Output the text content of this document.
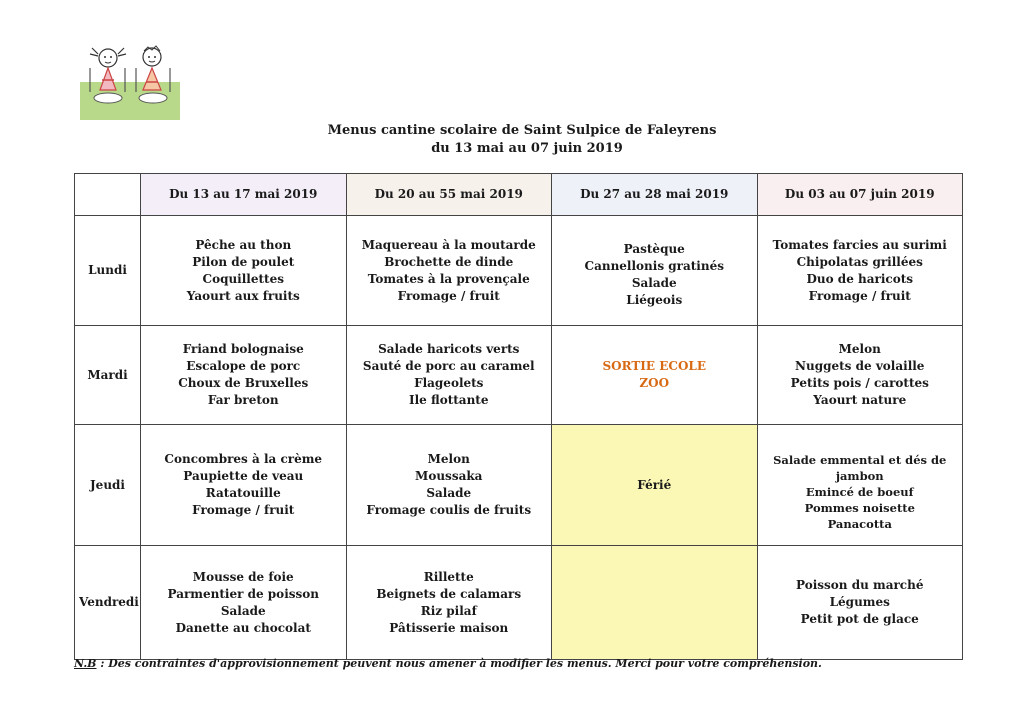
Menus cantine scolaire de Saint Sulpice de Faleyrens
du 13 mai au 07 juin 2019
	Du 13 au 17 mai 2019	Du 20 au 55 mai 2019	Du 27 au 28 mai 2019	Du 03 au 07 juin 2019
Lundi	Pêche au thon
Pilon de poulet
Coquillettes
Yaourt aux fruits	Maquereau à la moutarde
Brochette de dinde
Tomates à la provençale
Fromage / fruit	Pastèque
Cannellonis gratinés
Salade
Liégeois	Tomates farcies au surimi
Chipolatas grillées
Duo de haricots
Fromage / fruit

Mardi	Friand bolognaise
Escalope de porc
Choux de Bruxelles
Far breton	Salade haricots verts
Sauté de porc au caramel
Flageolets
Ile flottante	SORTIE ECOLE
ZOO	Melon
Nuggets de volaille
Petits pois / carottes
Yaourt nature

Jeudi	Concombres à la crème
Paupiette de veau
Ratatouille
Fromage / fruit	Melon
Moussaka
Salade
Fromage coulis de fruits	Férié	Salade emmental et dés de
jambon
Emincé de boeuf
Pommes noisette
Panacotta

Vendredi	Mousse de foie
Parmentier de poisson
Salade
Danette au chocolat	Rillette
Beignets de calamars
Riz pilaf
Pâtisserie maison		Poisson du marché
Légumes
Petit pot de glace
N.B : Des contraintes d'approvisionnement peuvent nous amener à modifier les menus. Merci pour votre compréhension.
